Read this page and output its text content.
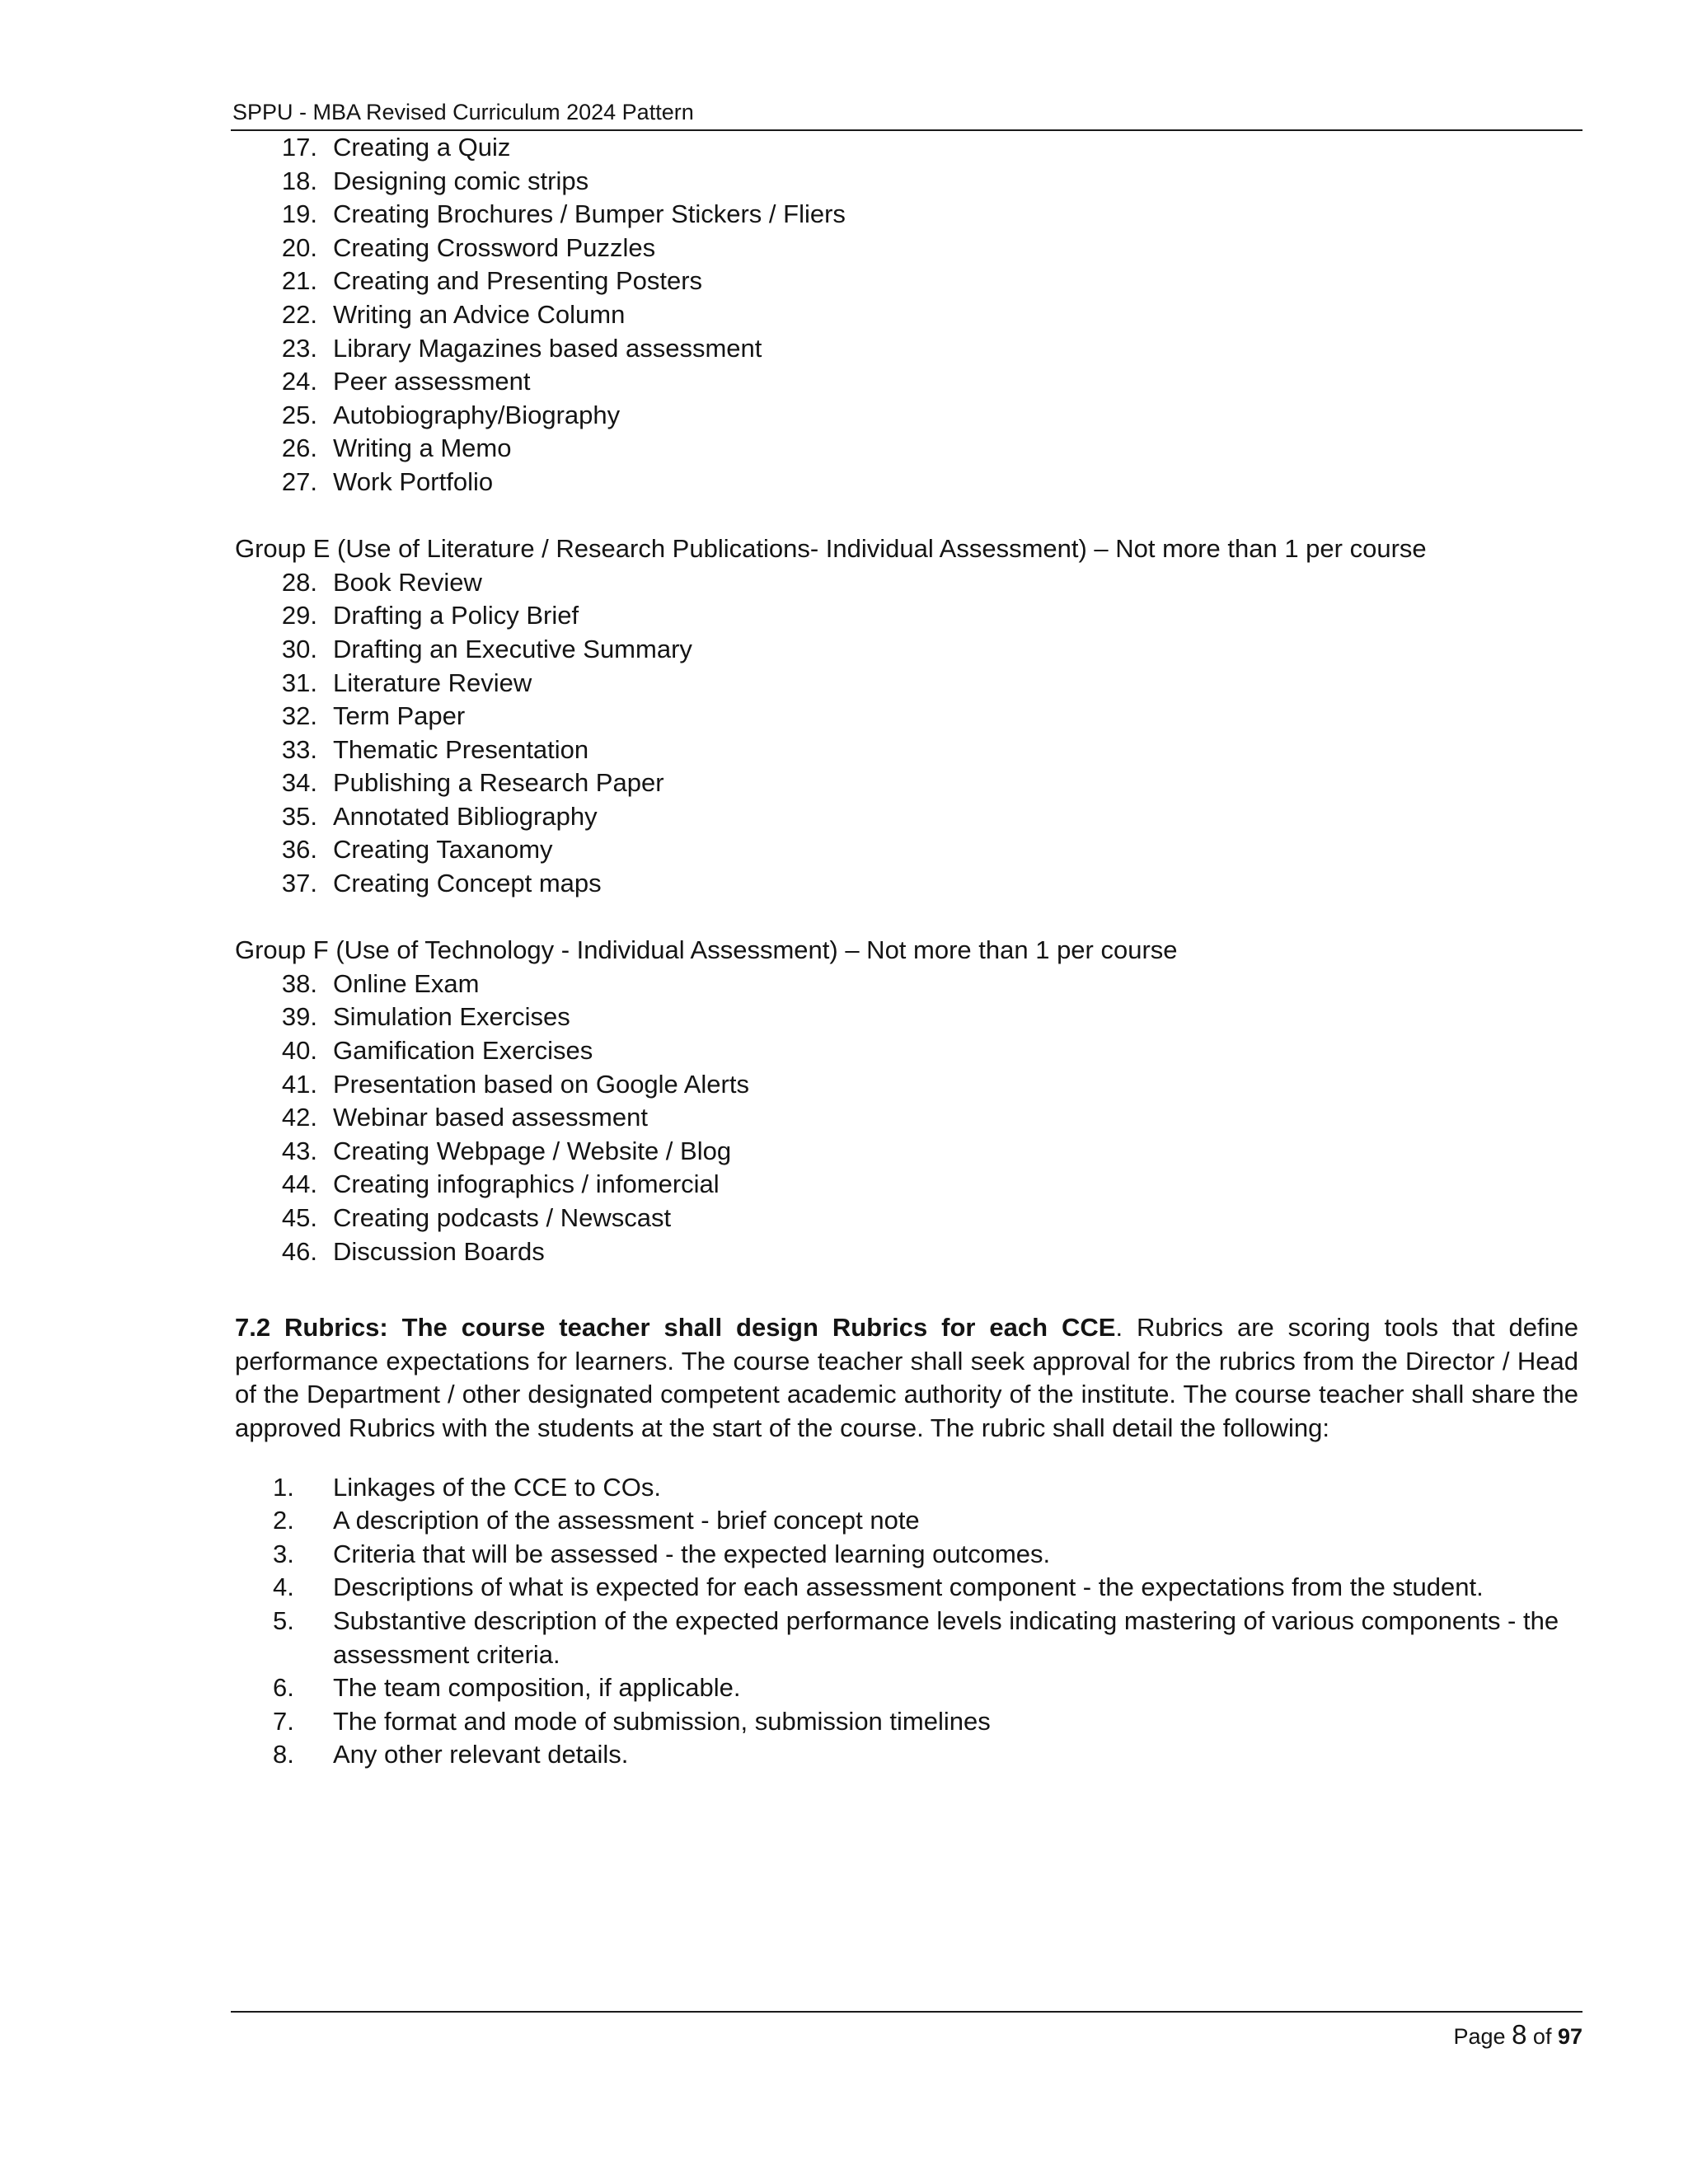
SPPU - MBA Revised Curriculum 2024 Pattern
17. Creating a Quiz
18. Designing comic strips
19. Creating Brochures / Bumper Stickers / Fliers
20. Creating Crossword Puzzles
21. Creating and Presenting Posters
22. Writing an Advice Column
23. Library Magazines based assessment
24. Peer assessment
25. Autobiography/Biography
26. Writing a Memo
27. Work Portfolio
Group E (Use of Literature / Research Publications- Individual Assessment) – Not more than 1 per course
28. Book Review
29. Drafting a Policy Brief
30. Drafting an Executive Summary
31. Literature Review
32. Term Paper
33. Thematic Presentation
34. Publishing a Research Paper
35. Annotated Bibliography
36. Creating Taxanomy
37. Creating Concept maps
Group F (Use of Technology - Individual Assessment) – Not more than 1 per course
38. Online Exam
39. Simulation Exercises
40. Gamification Exercises
41. Presentation based on Google Alerts
42. Webinar based assessment
43. Creating Webpage / Website / Blog
44. Creating infographics / infomercial
45. Creating podcasts / Newscast
46. Discussion Boards

7.2 Rubrics: The course teacher shall design Rubrics for each CCE. Rubrics are scoring tools that define performance expectations for learners. The course teacher shall seek approval for the rubrics from the Director / Head of the Department / other designated competent academic authority of the institute. The course teacher shall share the approved Rubrics with the students at the start of the course. The rubric shall detail the following:

1. Linkages of the CCE to COs.
2. A description of the assessment - brief concept note
3. Criteria that will be assessed - the expected learning outcomes.
4. Descriptions of what is expected for each assessment component - the expectations from the student.
5. Substantive description of the expected performance levels indicating mastering of various components - the assessment criteria.
6. The team composition, if applicable.
7. The format and mode of submission, submission timelines
8. Any other relevant details.
Page 8 of 97
